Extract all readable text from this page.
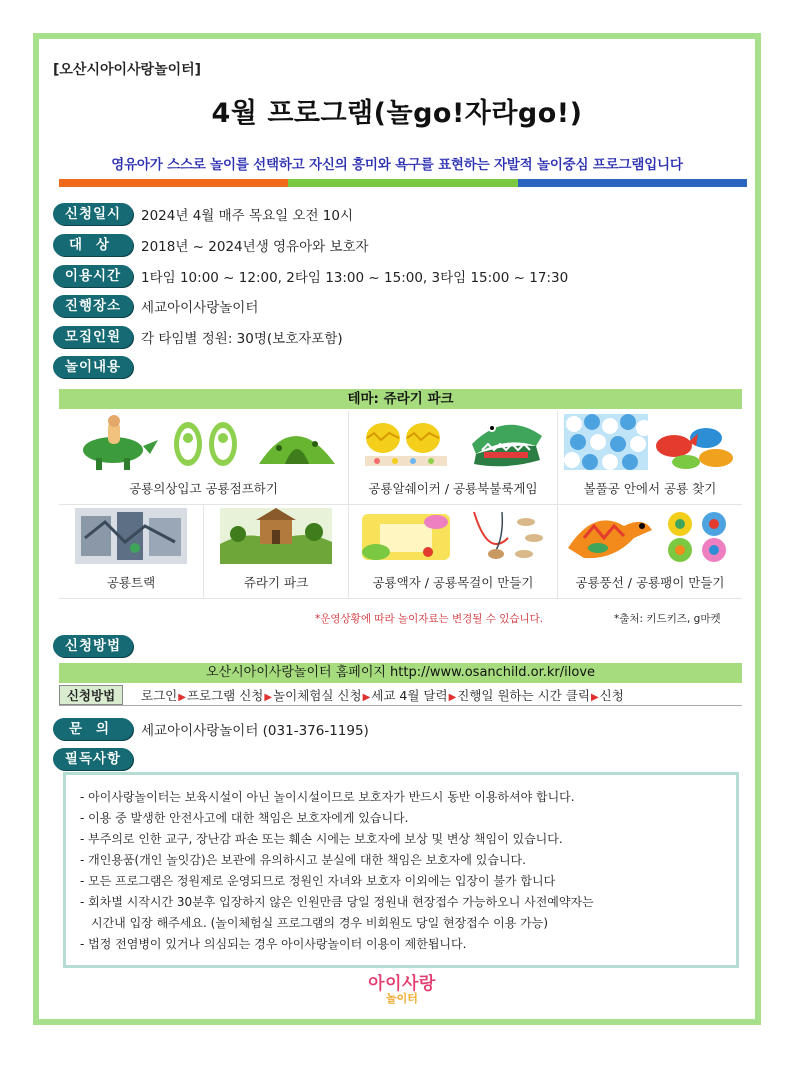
[오산시아이사랑놀이터]
4월 프로그램(놀go!자라go!)
영유아가 스스로 놀이를 선택하고 자신의 흥미와 욕구를 표현하는 자발적 놀이중심 프로그램입니다
신청일시	2024년 4월 매주 목요일 오전 10시
대상	2018년 ~ 2024년생 영유아와 보호자
이용시간	1타임 10:00 ~ 12:00, 2타임 13:00 ~ 15:00, 3타임 15:00 ~ 17:30
진행장소	세교아이사랑놀이터
모집인원	각 타임별 정원: 30명(보호자포함)
놀이내용
테마: 쥬라기 파크
공룡의상입고 공룡점프하기	공룡알쉐이커 / 공룡북불룩게임	볼풀공 안에서 공룡 찾기
공룡트랙	쥬라기 파크	공룡액자 / 공룡목걸이 만들기	공룡풍선 / 공룡팽이 만들기
*운영상황에 따라 놀이자료는 변경될 수 있습니다.	*출처: 키드키즈, g마켓
신청방법
오산시아이사랑놀이터 홈페이지 http://www.osanchild.or.kr/ilove
신청방법	로그인▶프로그램 신청▶놀이체험실 신청▶세교 4월 달력▶진행일 원하는 시간 클릭▶신청
문의	세교아이사랑놀이터 (031-376-1195)
필독사항
- 아이사랑놀이터는 보육시설이 아닌 놀이시설이므로 보호자가 반드시 동반 이용하셔야 합니다.
- 이용 중 발생한 안전사고에 대한 책임은 보호자에게 있습니다.
- 부주의로 인한 교구, 장난감 파손 또는 훼손 시에는 보호자에 보상 및 변상 책임이 있습니다.
- 개인용품(개인 놀잇감)은 보관에 유의하시고 분실에 대한 책임은 보호자에 있습니다.
- 모든 프로그램은 정원제로 운영되므로 정원인 자녀와 보호자 이외에는 입장이 불가 합니다
- 회차별 시작시간 30분후 입장하지 않은 인원만큼 당일 정원내 현장접수 가능하오니 사전예약자는
시간내 입장 해주세요. (놀이체험실 프로그램의 경우 비회원도 당일 현장접수 이용 가능)
- 법정 전염병이 있거나 의심되는 경우 아이사랑놀이터 이용이 제한됩니다.
아이사랑
놀이터
